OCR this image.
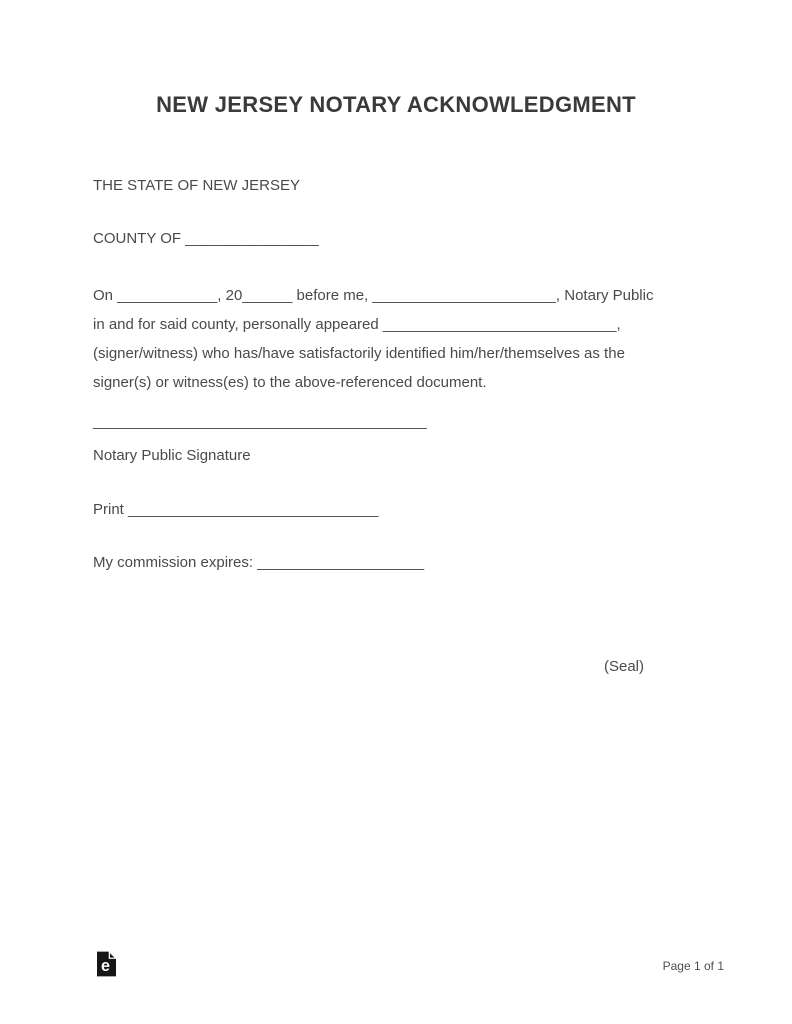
NEW JERSEY NOTARY ACKNOWLEDGMENT
THE STATE OF NEW JERSEY
COUNTY OF ________________
On ____________, 20______ before me, ______________________, Notary Public
in and for said county, personally appeared ____________________________,
(signer/witness) who has/have satisfactorily identified him/her/themselves as the
signer(s) or witness(es) to the above-referenced document.
________________________________________
Notary Public Signature
Print ______________________________
My commission expires: ____________________
(Seal)
e	Page 1 of 1
